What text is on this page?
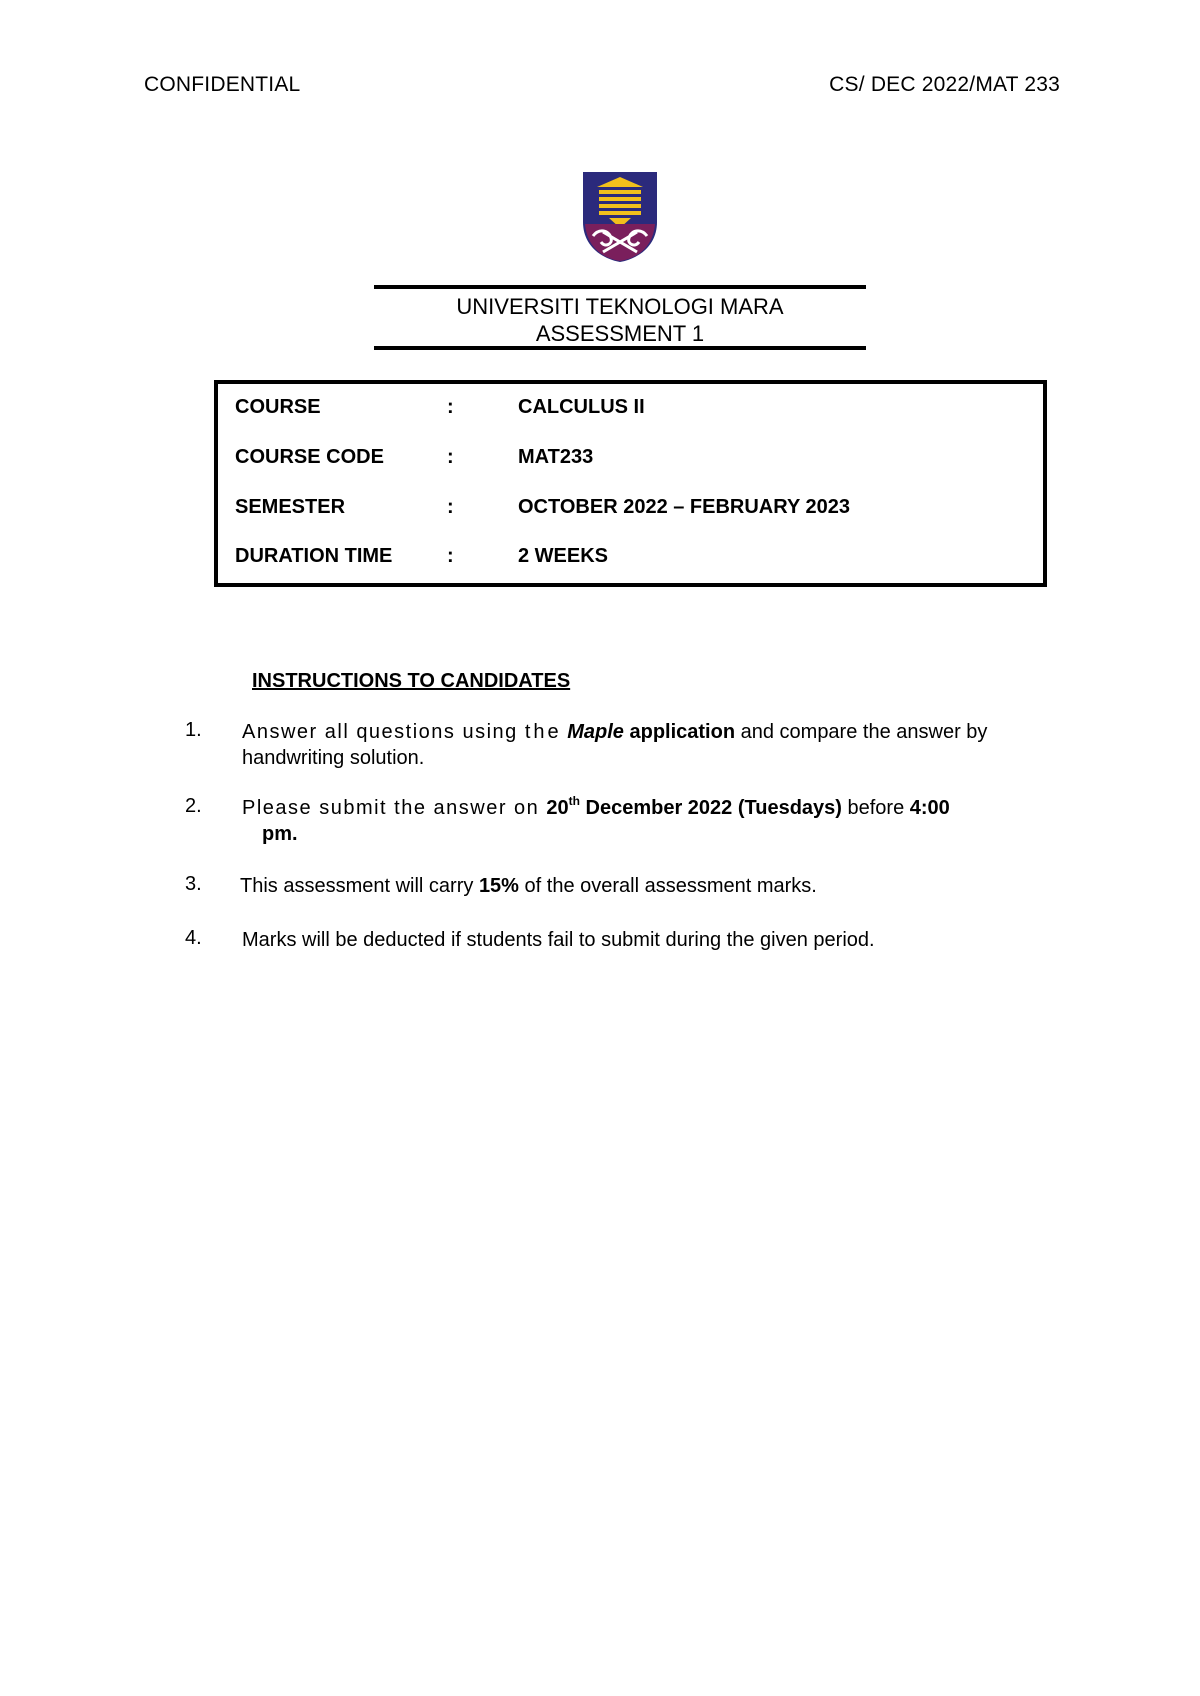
CONFIDENTIAL	CS/ DEC 2022/MAT 233
UNIVERSITI TEKNOLOGI MARA
ASSESSMENT 1
COURSE	:	CALCULUS II
COURSE CODE	:	MAT233
SEMESTER	:	OCTOBER 2022 – FEBRUARY 2023
DURATION TIME	:	2 WEEKS
INSTRUCTIONS TO CANDIDATES
1. Answer all questions using the Maple application and compare the answer by
handwriting solution.
2. Please submit the answer on 20th December 2022 (Tuesdays) before 4:00
pm.
3. This assessment will carry 15% of the overall assessment marks.
4. Marks will be deducted if students fail to submit during the given period.
